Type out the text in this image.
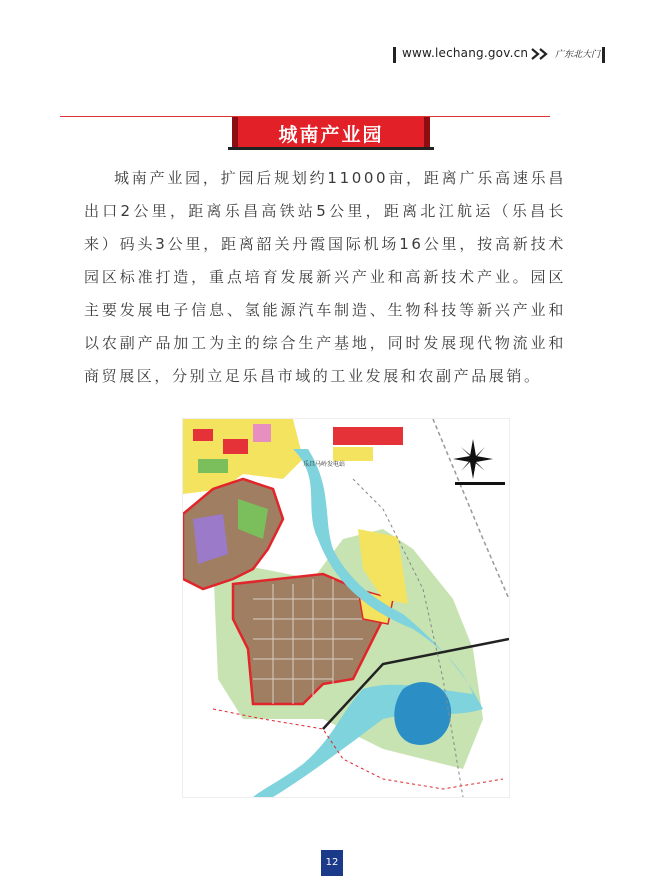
www.lechang.gov.cn	广东北大门
城南产业园
城南产业园，扩园后规划约11000亩，距离广乐高速乐昌出口2公里，距离乐昌高铁站5公里，距离北江航运（乐昌长来）码头3公里，距离韶关丹霞国际机场16公里，按高新技术园区标准打造，重点培育发展新兴产业和高新技术产业。园区主要发展电子信息、氢能源汽车制造、生物科技等新兴产业和以农副产品加工为主的综合生产基地，同时发展现代物流业和商贸展区，分别立足乐昌市域的工业发展和农副产品展销。
乐昌马岭发电站
12
